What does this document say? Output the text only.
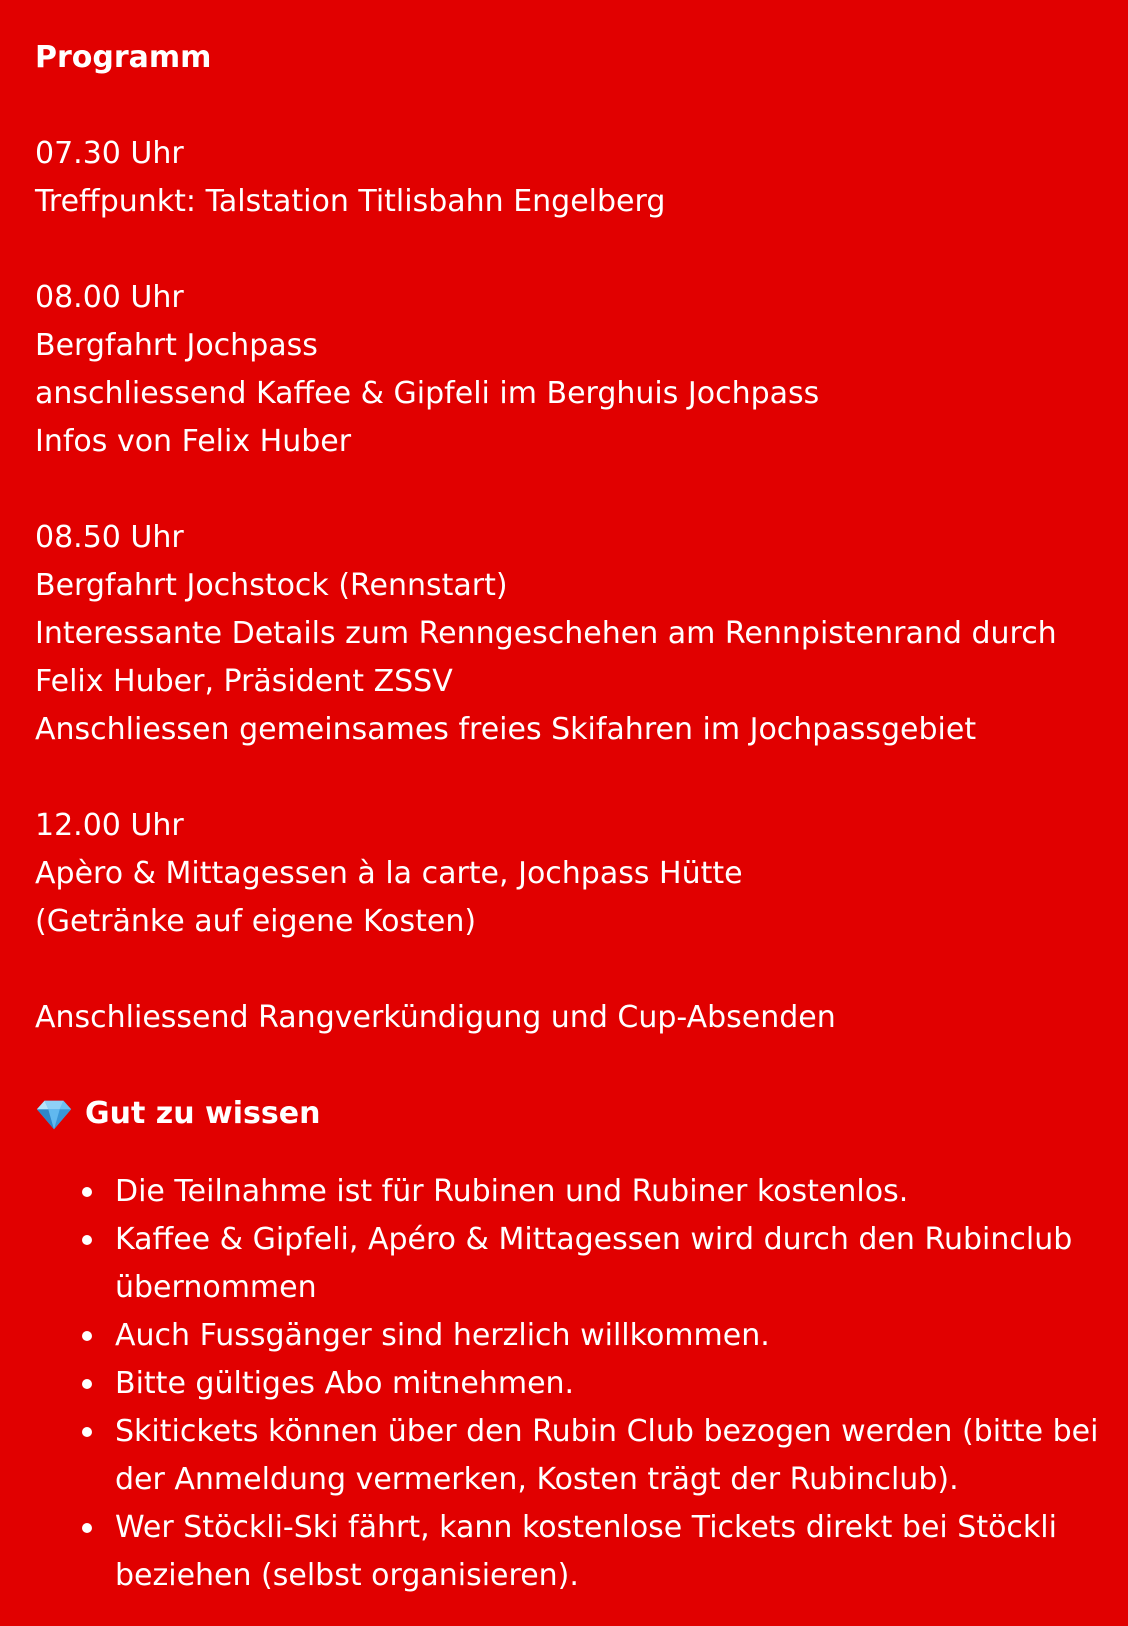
Programm
07.30 Uhr
Treffpunkt: Talstation Titlisbahn Engelberg
08.00 Uhr
Bergfahrt Jochpass
anschliessend Kaffee & Gipfeli im Berghuis Jochpass
Infos von Felix Huber
08.50 Uhr
Bergfahrt Jochstock (Rennstart)
Interessante Details zum Renngeschehen am Rennpistenrand durch
Felix Huber, Präsident ZSSV
Anschliessen gemeinsames freies Skifahren im Jochpassgebiet
12.00 Uhr
Apèro & Mittagessen à la carte, Jochpass Hütte
(Getränke auf eigene Kosten)
Anschliessend Rangverkündigung und Cup-Absenden
Gut zu wissen
Die Teilnahme ist für Rubinen und Rubiner kostenlos.
Kaffee & Gipfeli, Apéro & Mittagessen wird durch den Rubinclub übernommen
Auch Fussgänger sind herzlich willkommen.
Bitte gültiges Abo mitnehmen.
Skitickets können über den Rubin Club bezogen werden (bitte bei der Anmeldung vermerken, Kosten trägt der Rubinclub).
Wer Stöckli-Ski fährt, kann kostenlose Tickets direkt bei Stöckli beziehen (selbst organisieren).
